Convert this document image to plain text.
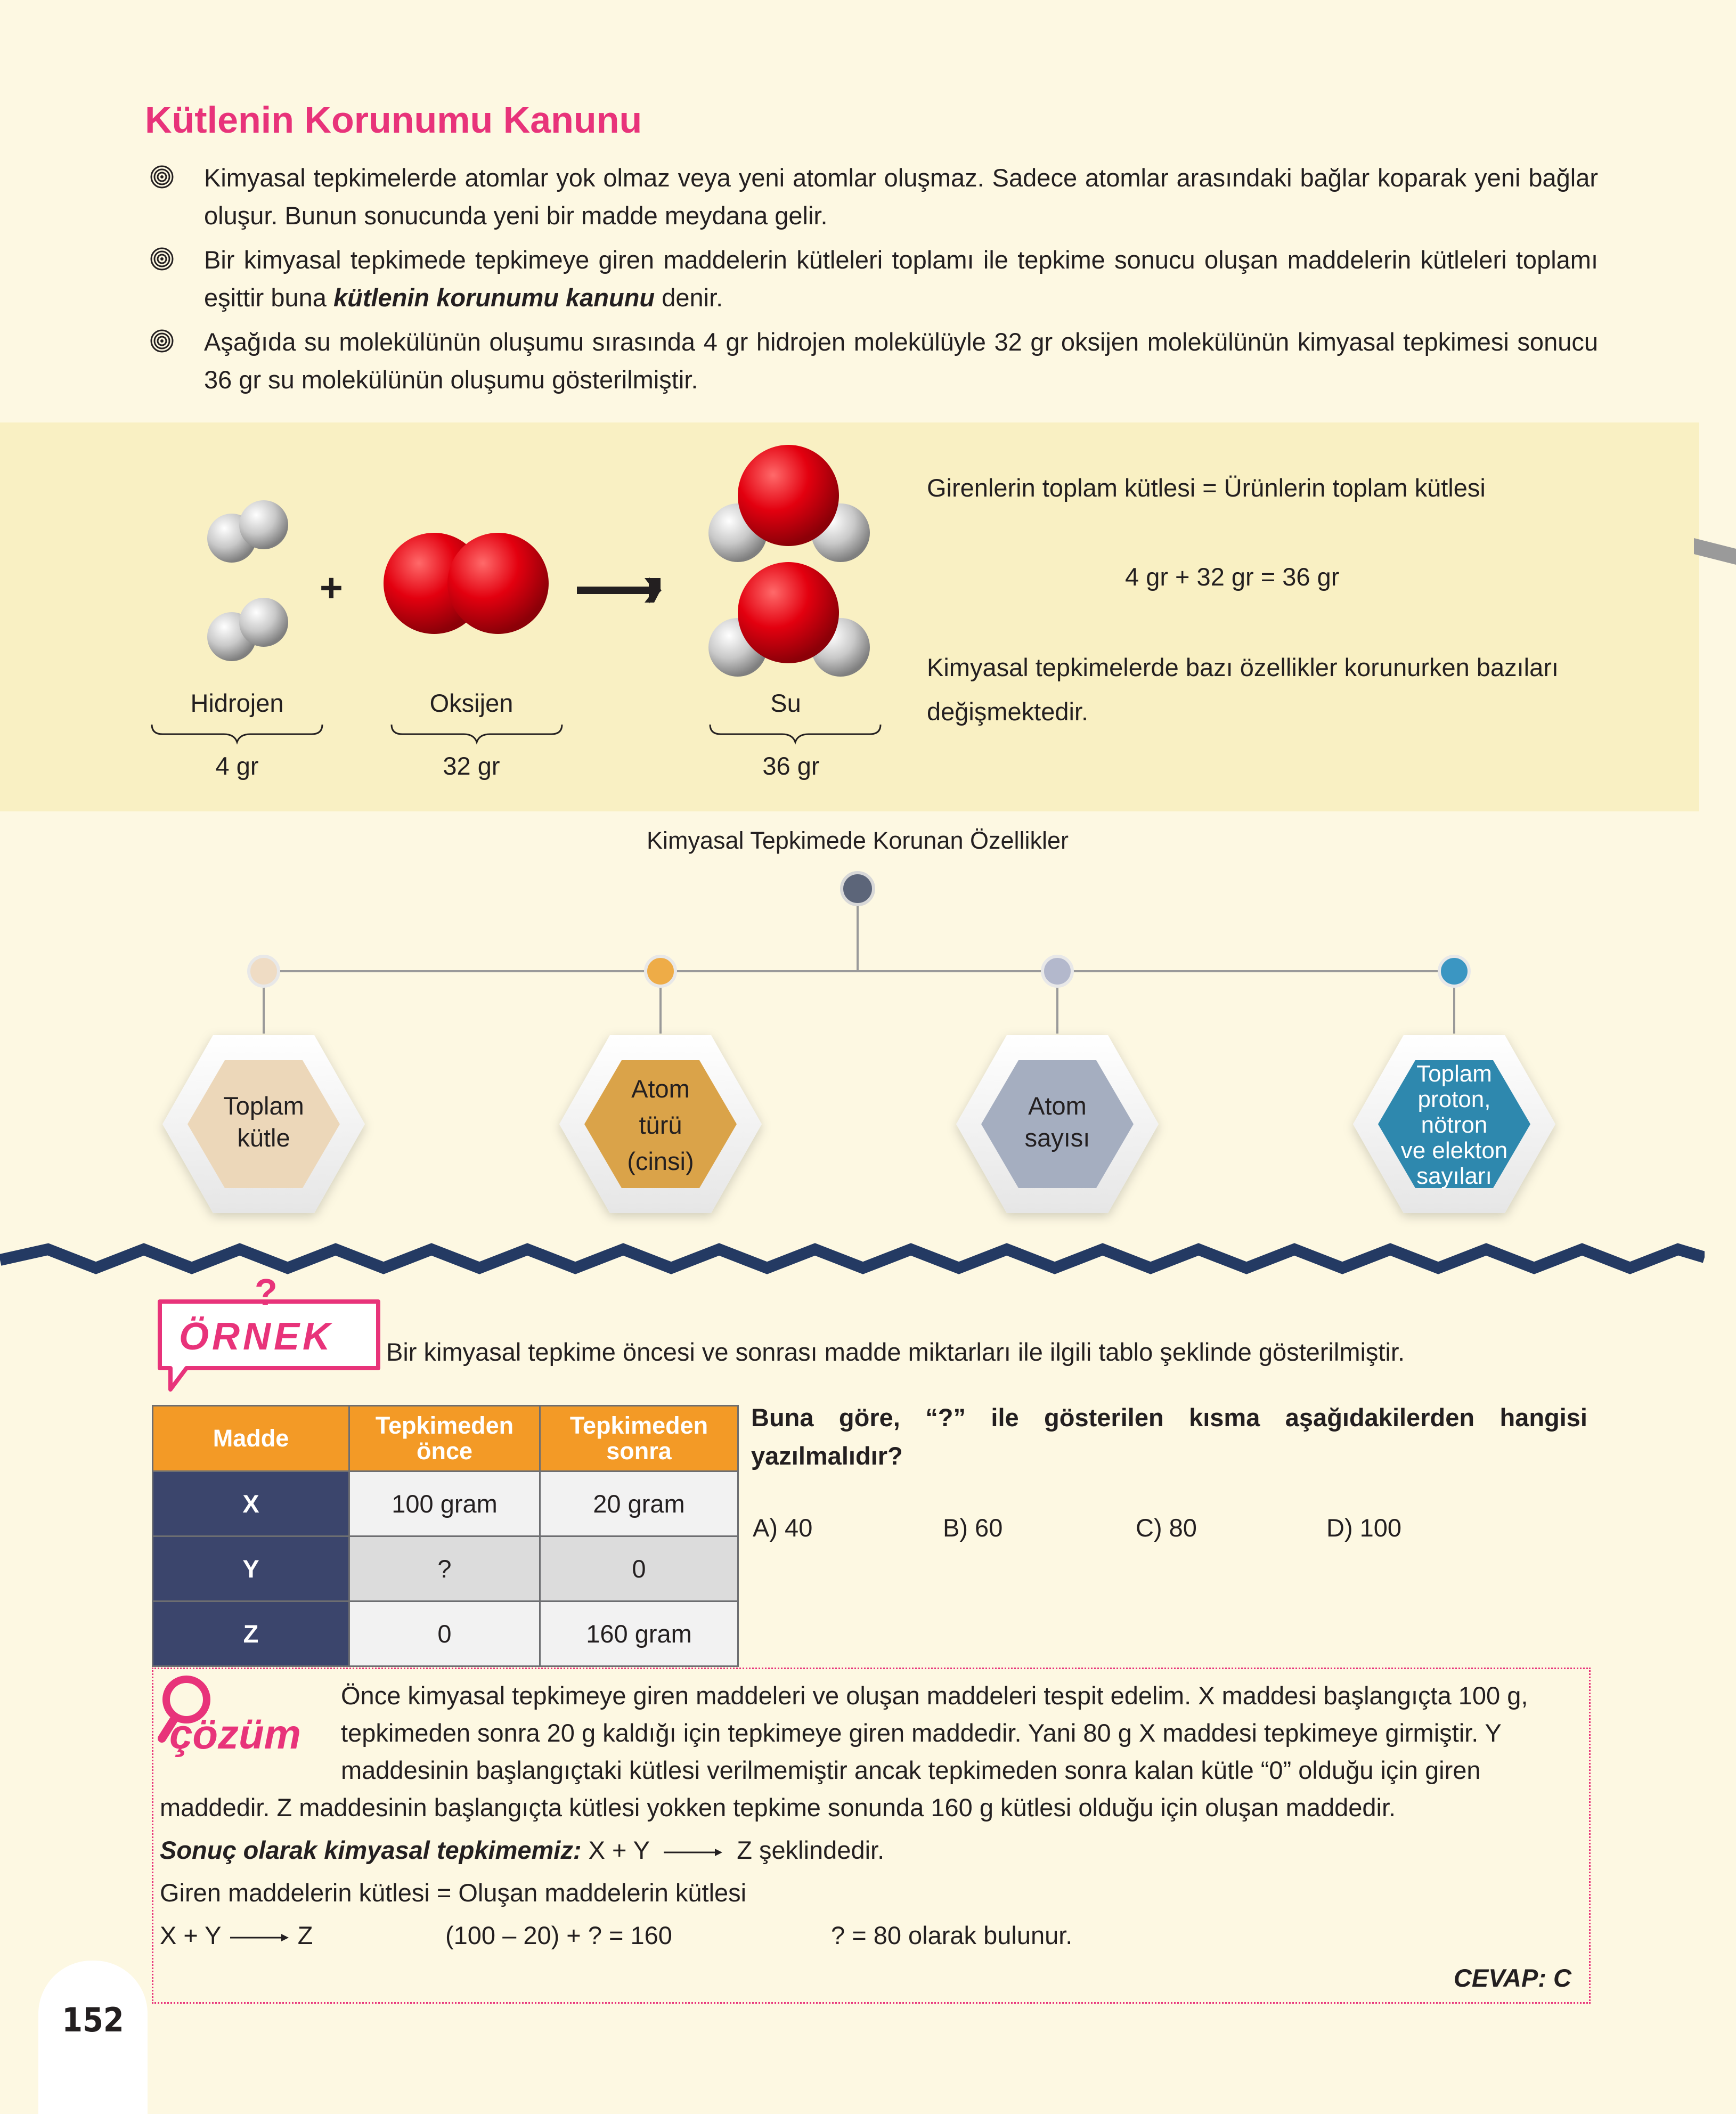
Kütlenin Korunumu Kanunu
Kimyasal tepkimelerde atomlar yok olmaz veya yeni atomlar oluşmaz. Sadece atomlar arasındaki bağlar koparak yeni bağlar oluşur. Bunun sonucunda yeni bir madde meydana gelir.
Bir kimyasal tepkimede tepkimeye giren maddelerin kütleleri toplamı ile tepkime sonucu oluşan maddelerin kütleleri toplamı eşittir buna kütlenin korunumu kanunu denir.
Aşağıda su molekülünün oluşumu sırasında 4 gr hidrojen molekülüyle 32 gr oksijen molekülünün kimyasal tepkimesi sonucu 36 gr su molekülünün oluşumu gösterilmiştir.
+
Hidrojen	Oksijen	Su
4 gr	32 gr	36 gr
Girenlerin toplam kütlesi = Ürünlerin toplam kütlesi
4 gr + 32 gr = 36 gr
Kimyasal tepkimelerde bazı özellikler korunurken bazıları
değişmektedir.
Kimyasal Tepkimede Korunan Özellikler
Toplam
kütle
Atom
türü
(cinsi)
Atom
sayısı
Toplam
proton,
nötron
ve elekton
sayıları
?
ÖRNEK Bir kimyasal tepkime öncesi ve sonrası madde miktarları ile ilgili tablo şeklinde gösterilmiştir.
Madde	Tepkimeden önce	Tepkimeden sonra
X	100 gram	20 gram
Y	?	0
Z	0	160 gram
Buna göre, “?” ile gösterilen kısma aşağıdakilerden hangisi yazılmalıdır?
A) 40	B) 60	C) 80	D) 100
çözüm
Önce kimyasal tepkimeye giren maddeleri ve oluşan maddeleri tespit edelim. X maddesi başlangıçta 100 g,
tepkimeden sonra 20 g kaldığı için tepkimeye giren maddedir. Yani 80 g X maddesi tepkimeye girmiştir. Y
maddesinin başlangıçtaki kütlesi verilmemiştir ancak tepkimeden sonra kalan kütle “0” olduğu için giren
maddedir. Z maddesinin başlangıçta kütlesi yokken tepkime sonunda 160 g kütlesi olduğu için oluşan maddedir.
Sonuç olarak kimyasal tepkimemiz: X + Y	Z şeklindedir.
Giren maddelerin kütlesi = Oluşan maddelerin kütlesi
X + Y	Z	(100 – 20) + ? = 160	? = 80 olarak bulunur.
CEVAP: C
152
